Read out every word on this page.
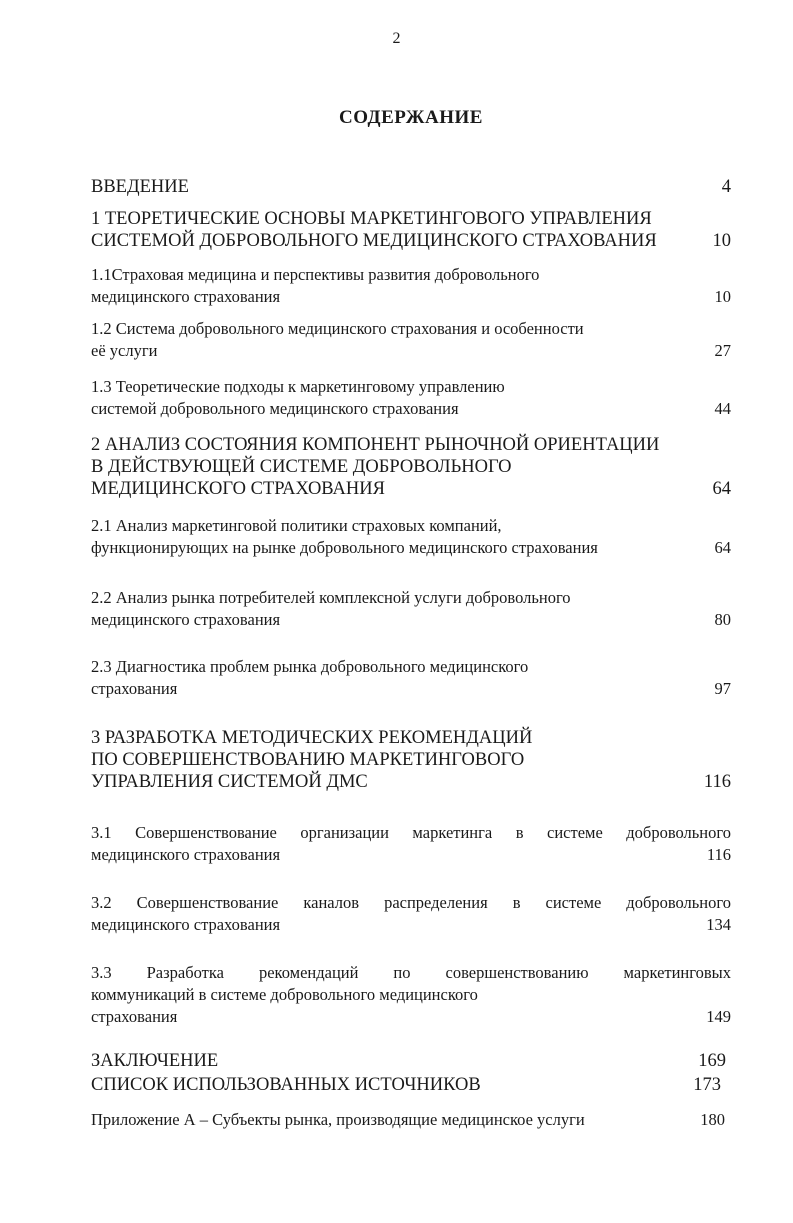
2
СОДЕРЖАНИЕ
ВВЕДЕНИЕ	4
1 ТЕОРЕТИЧЕСКИЕ ОСНОВЫ МАРКЕТИНГОВОГО УПРАВЛЕНИЯ
СИСТЕМОЙ ДОБРОВОЛЬНОГО МЕДИЦИНСКОГО СТРАХОВАНИЯ	10
1.1Страховая медицина и перспективы развития добровольного
медицинского страхования	10
1.2 Система добровольного медицинского страхования и особенности
её услуги	27
1.3 Теоретические подходы к маркетинговому управлению
системой добровольного медицинского страхования	44
2 АНАЛИЗ СОСТОЯНИЯ КОМПОНЕНТ РЫНОЧНОЙ ОРИЕНТАЦИИ
В ДЕЙСТВУЮЩЕЙ СИСТЕМЕ ДОБРОВОЛЬНОГО
МЕДИЦИНСКОГО СТРАХОВАНИЯ	64
2.1 Анализ маркетинговой политики страховых компаний,
функционирующих на рынке добровольного медицинского страхования	64
2.2 Анализ рынка потребителей комплексной услуги добровольного
медицинского страхования	80
2.3 Диагностика проблем рынка добровольного медицинского
страхования	97
3 РАЗРАБОТКА МЕТОДИЧЕСКИХ РЕКОМЕНДАЦИЙ
ПО СОВЕРШЕНСТВОВАНИЮ МАРКЕТИНГОВОГО
УПРАВЛЕНИЯ СИСТЕМОЙ ДМС	116
3.1 Совершенствование организации маркетинга в системе добровольного
медицинского страхования	116
3.2 Совершенствование каналов распределения в системе добровольного
медицинского страхования	134
3.3 Разработка рекомендаций по совершенствованию маркетинговых
коммуникаций в системе добровольного медицинского
страхования	149
ЗАКЛЮЧЕНИЕ	169
СПИСОК ИСПОЛЬЗОВАННЫХ ИСТОЧНИКОВ	173
Приложение А – Субъекты рынка, производящие медицинское услуги	180
